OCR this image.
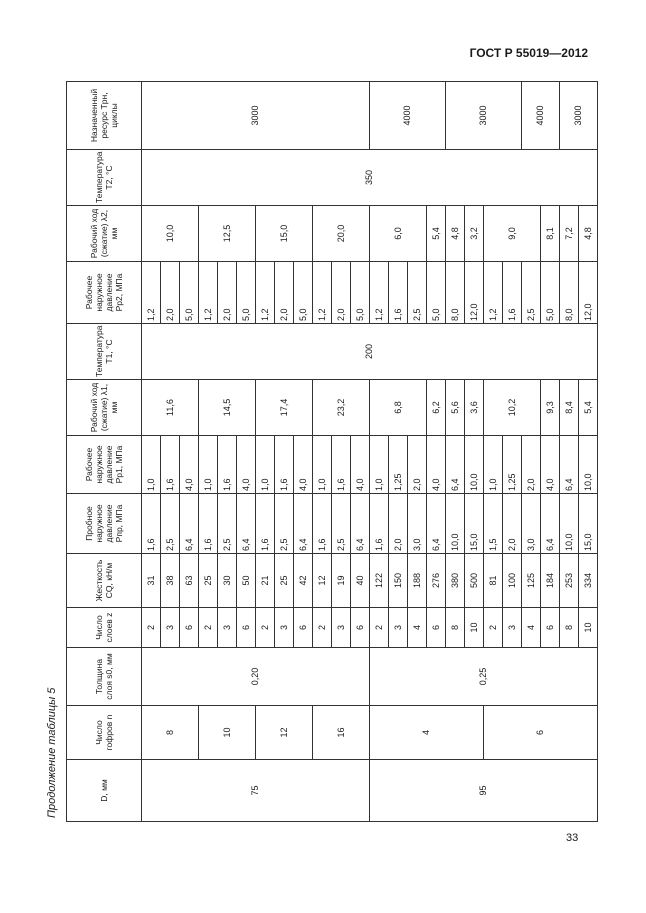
ГОСТ Р 55019—2012
Продолжение таблицы 5	D, мм	Число гофров n	Толщина слоя s0, мм	Число слоев z	Жесткость CQ, кН/м	Пробное наружное давление Pпр, МПа	Рабочее наружное давление Pр1, МПа	Рабочий ход (сжатие) λ1, мм	Температура T1, °С	Рабочее наружное давление Pр2, МПа	Рабочий ход (сжатие) λ2, мм	Температура T2, °С	Назначенный ресурс Tрн, циклы
75	8	0,20	2	31	1,6	1,0	11,6	200	1,2	10,0	350	3000
			3	38	2,5	1,6			2,0			
			6	63	6,4	4,0			5,0			
	10		2	25	1,6	1,0	14,5		1,2	12,5		
			3	30	2,5	1,6			2,0			
			6	50	6,4	4,0			5,0			
	12		2	21	1,6	1,0	17,4		1,2	15,0		
			3	25	2,5	1,6			2,0			
			6	42	6,4	4,0			5,0			
	16		2	12	1,6	1,0	23,2		1,2	20,0		
			3	19	2,5	1,6			2,0			
			6	40	6,4	4,0			5,0			
95	4	0,25	2	122	1,6	1,0	6,8		1,2	6,0		4000
			3	150	2,0	1,25			1,6			
			4	188	3,0	2,0			2,5			
			6	276	6,4	4,0	6,2		5,0	5,4		
			8	380	10,0	6,4	5,6		8,0	4,8		3000
			10	500	15,0	10,0	3,6		12,0	3,2		
	6		2	81	1,5	1,0	10,2		1,2	9,0		
			3	100	2,0	1,25			1,6			
			4	125	3,0	2,0			2,5			4000
			6	184	6,4	4,0	9,3		5,0	8,1		
			8	253	10,0	6,4	8,4		8,0	7,2		3000
			10	334	15,0	10,0	5,4		12,0	4,8		
33
